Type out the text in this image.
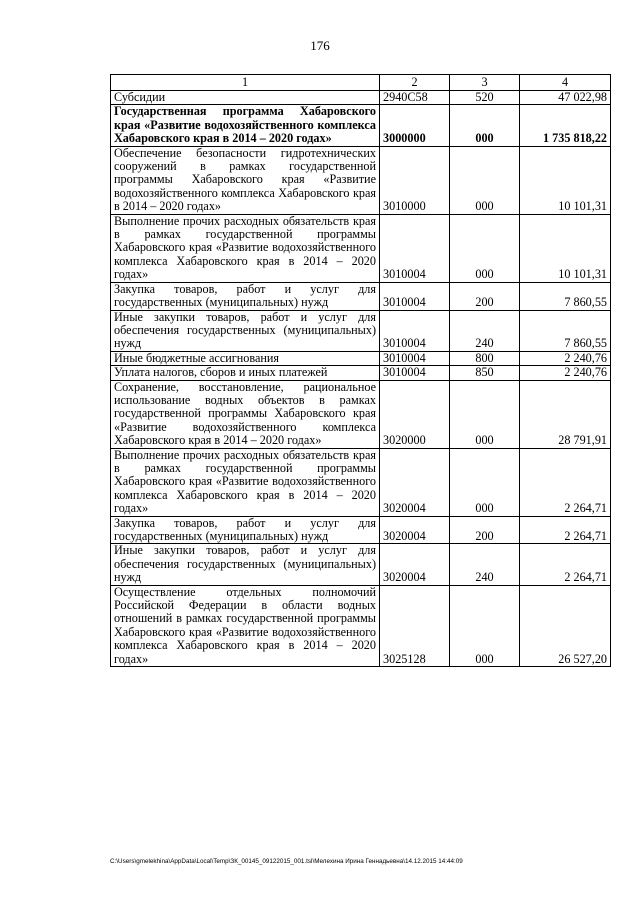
176
1	2	3	4
Субсидии	2940С58	520	47 022,98
Государственная программа Хабаровского края «Развитие водохозяйственного комплекса Хабаровского края в 2014 – 2020 годах»	3000000	000	1 735 818,22
Обеспечение безопасности гидротехнических сооружений в рамках государственной программы Хабаровского края «Развитие водохозяйственного комплекса Хабаровского края в 2014 – 2020 годах»	3010000	000	10 101,31
Выполнение прочих расходных обязательств края в рамках государственной программы Хабаровского края «Развитие водохозяйственного комплекса Хабаровского края в 2014 – 2020 годах»	3010004	000	10 101,31
Закупка товаров, работ и услуг для государственных (муниципальных) нужд	3010004	200	7 860,55
Иные закупки товаров, работ и услуг для обеспечения государственных (муниципальных) нужд	3010004	240	7 860,55
Иные бюджетные ассигнования	3010004	800	2 240,76
Уплата налогов, сборов и иных платежей	3010004	850	2 240,76
Сохранение, восстановление, рациональное использование водных объектов в рамках государственной программы Хабаровского края «Развитие водохозяйственного комплекса Хабаровского края в 2014 – 2020 годах»	3020000	000	28 791,91
Выполнение прочих расходных обязательств края в рамках государственной программы Хабаровского края «Развитие водохозяйственного комплекса Хабаровского края в 2014 – 2020 годах»	3020004	000	2 264,71
Закупка товаров, работ и услуг для государственных (муниципальных) нужд	3020004	200	2 264,71
Иные закупки товаров, работ и услуг для обеспечения государственных (муниципальных) нужд	3020004	240	2 264,71
Осуществление отдельных полномочий Российской Федерации в области водных отношений в рамках государственной программы Хабаровского края «Развитие водохозяйственного комплекса Хабаровского края в 2014 – 2020 годах»	3025128	000	26 527,20
C:\Users\gmelekhina\AppData\Local\Temp\ЗК_00145_09122015_001.tsl\Мелехина Ирина Геннадьевна\14.12.2015 14:44:09
